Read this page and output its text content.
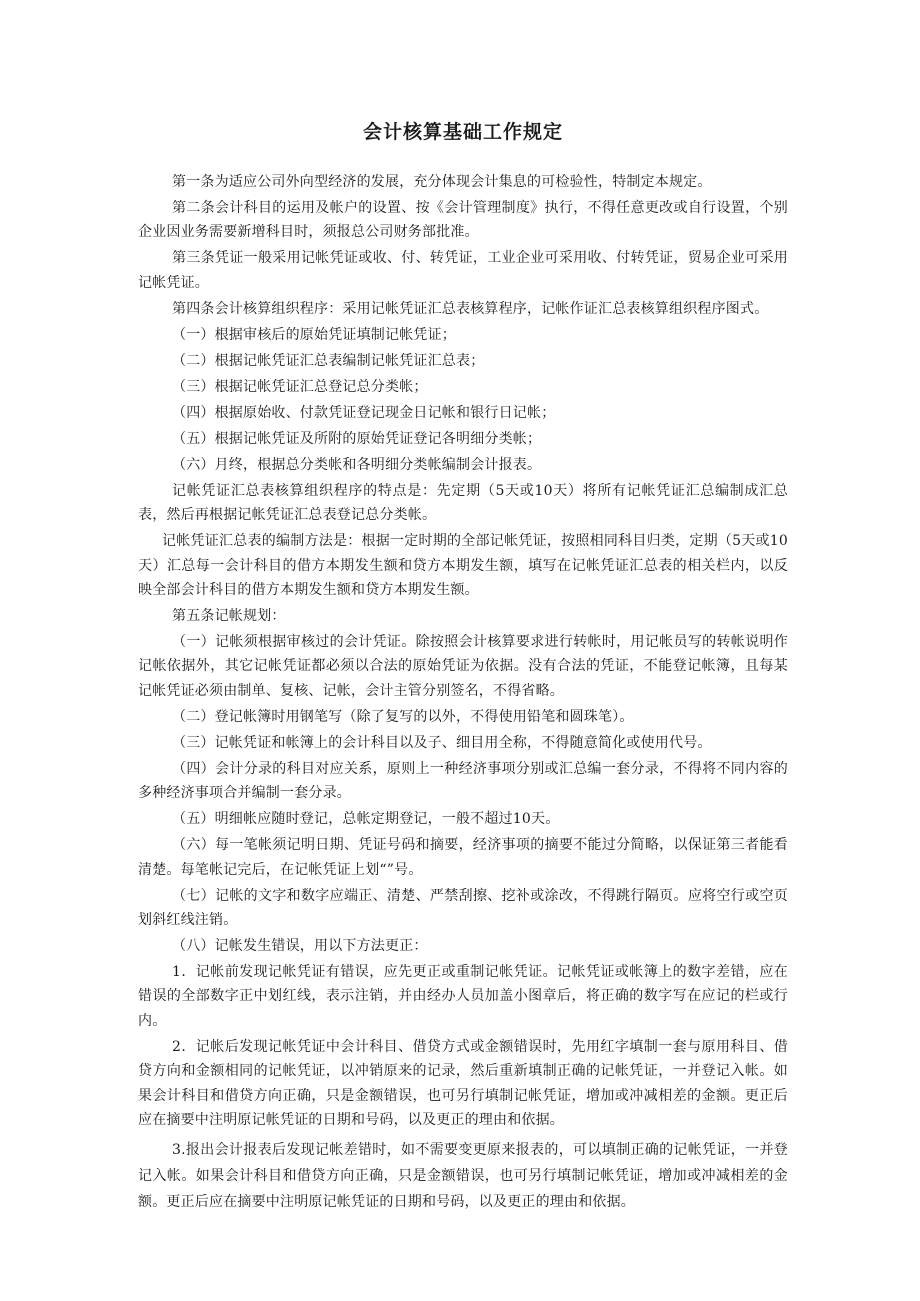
会计核算基础工作规定

第一条为适应公司外向型经济的发展，充分体现会计集息的可检验性，特制定本规定。

第二条会计科目的运用及帐户的设置、按《会计管理制度》执行，不得任意更改或自行设置，个别企业因业务需要新增科目时，须报总公司财务部批准。

第三条凭证一般采用记帐凭证或收、付、转凭证，工业企业可采用收、付转凭证，贸易企业可采用记帐凭证。

第四条会计核算组织程序：采用记帐凭证汇总表核算程序，记帐作证汇总表核算组织程序图式。

（一）根据审核后的原始凭证填制记帐凭证；

（二）根据记帐凭证汇总表编制记帐凭证汇总表；

（三）根据记帐凭证汇总登记总分类帐；

（四）根据原始收、付款凭证登记现金日记帐和银行日记帐；

（五）根据记帐凭证及所附的原始凭证登记各明细分类帐；

（六）月终，根据总分类帐和各明细分类帐编制会计报表。

记帐凭证汇总表核算组织程序的特点是：先定期（5天或10天）将所有记帐凭证汇总编制成汇总表，然后再根据记帐凭证汇总表登记总分类帐。

记帐凭证汇总表的编制方法是：根据一定时期的全部记帐凭证，按照相同科目归类，定期（5天或10天）汇总每一会计科目的借方本期发生额和贷方本期发生额，填写在记帐凭证汇总表的相关栏内，以反映全部会计科目的借方本期发生额和贷方本期发生额。

第五条记帐规划：

（一）记帐须根据审核过的会计凭证。除按照会计核算要求进行转帐时，用记帐员写的转帐说明作记帐依据外，其它记帐凭证都必须以合法的原始凭证为依据。没有合法的凭证，不能登记帐簿，且每某记帐凭证必须由制单、复核、记帐，会计主管分别签名，不得省略。

（二）登记帐簿时用钢笔写（除了复写的以外，不得使用铅笔和圆珠笔）。

（三）记帐凭证和帐簿上的会计科目以及子、细目用全称，不得随意简化或使用代号。

（四）会计分录的科目对应关系，原则上一种经济事项分别或汇总编一套分录，不得将不同内容的多种经济事项合并编制一套分录。

（五）明细帐应随时登记，总帐定期登记，一般不超过10天。

（六）每一笔帐须记明日期、凭证号码和摘要，经济事项的摘要不能过分简略，以保证第三者能看清楚。每笔帐记完后，在记帐凭证上划“”号。

（七）记帐的文字和数字应端正、清楚、严禁刮擦、挖补或涂改，不得跳行隔页。应将空行或空页划斜红线注销。

（八）记帐发生错误，用以下方法更正：

1．记帐前发现记帐凭证有错误，应先更正或重制记帐凭证。记帐凭证或帐簿上的数字差错，应在错误的全部数字正中划红线，表示注销，并由经办人员加盖小图章后，将正确的数字写在应记的栏或行内。

2．记帐后发现记帐凭证中会计科目、借贷方式或金额错误时，先用红字填制一套与原用科目、借贷方向和金额相同的记帐凭证，以冲销原来的记录，然后重新填制正确的记帐凭证，一并登记入帐。如果会计科目和借贷方向正确，只是金额错误，也可另行填制记帐凭证，增加或冲减相差的金额。更正后应在摘要中注明原记帐凭证的日期和号码，以及更正的理由和依据。

3.报出会计报表后发现记帐差错时，如不需要变更原来报表的，可以填制正确的记帐凭证，一并登记入帐。如果会计科目和借贷方向正确，只是金额错误，也可另行填制记帐凭证，增加或冲减相差的金额。更正后应在摘要中注明原记帐凭证的日期和号码，以及更正的理由和依据。
